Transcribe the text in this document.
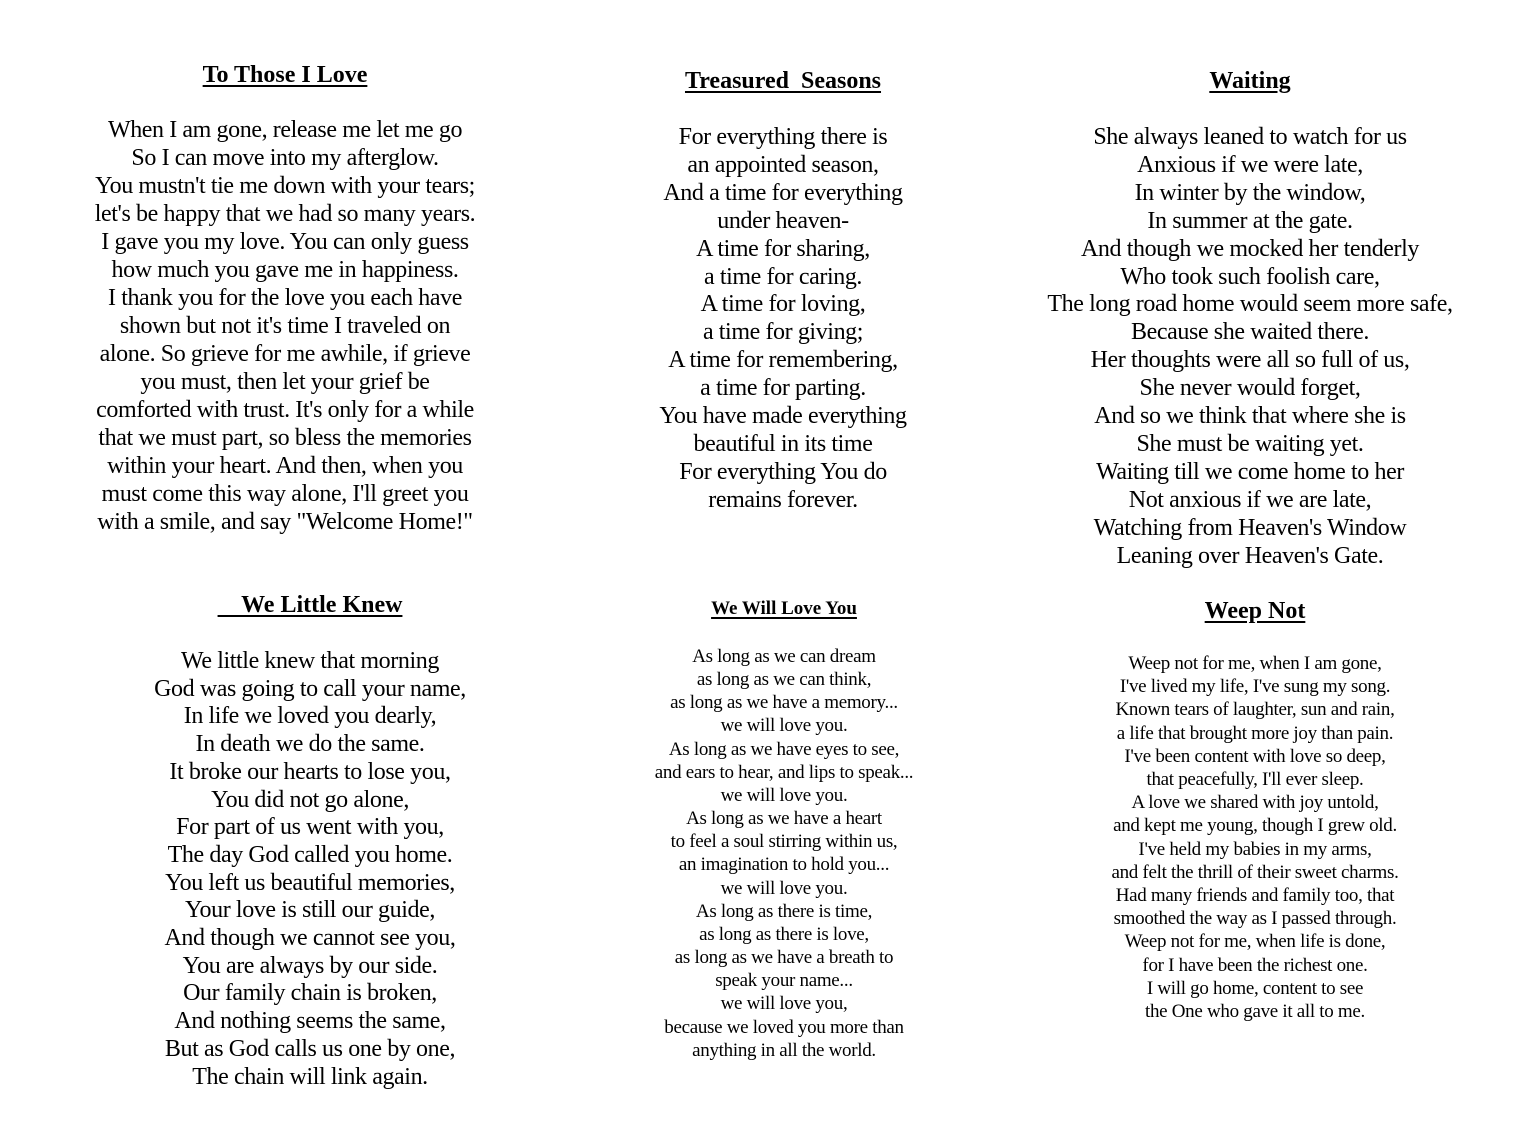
To Those I Love
When I am gone, release me let me go
So I can move into my afterglow.
You mustn't tie me down with your tears;
let's be happy that we had so many years.
I gave you my love. You can only guess
how much you gave me in happiness.
I thank you for the love you each have
shown but not it's time I traveled on
alone. So grieve for me awhile, if grieve
you must, then let your grief be
comforted with trust. It's only for a while
that we must part, so bless the memories
within your heart. And then, when you
must come this way alone, I'll greet you
with a smile, and say "Welcome Home!"
Treasured  Seasons
For everything there is
an appointed season,
And a time for everything
under heaven-
A time for sharing,
a time for caring.
A time for loving,
a time for giving;
A time for remembering,
a time for parting.
You have made everything
beautiful in its time
For everything You do
remains forever.
Waiting
She always leaned to watch for us
Anxious if we were late,
In winter by the window,
In summer at the gate.
And though we mocked her tenderly
Who took such foolish care,
The long road home would seem more safe,
Because she waited there.
Her thoughts were all so full of us,
She never would forget,
And so we think that where she is
She must be waiting yet.
Waiting till we come home to her
Not anxious if we are late,
Watching from Heaven's Window
Leaning over Heaven's Gate.
We Little Knew
We little knew that morning
God was going to call your name,
In life we loved you dearly,
In death we do the same.
It broke our hearts to lose you,
You did not go alone,
For part of us went with you,
The day God called you home.
You left us beautiful memories,
Your love is still our guide,
And though we cannot see you,
You are always by our side.
Our family chain is broken,
And nothing seems the same,
But as God calls us one by one,
The chain will link again.
We Will Love You
As long as we can dream
as long as we can think,
as long as we have a memory...
we will love you.
As long as we have eyes to see,
and ears to hear, and lips to speak...
we will love you.
As long as we have a heart
to feel a soul stirring within us,
an imagination to hold you...
we will love you.
As long as there is time,
as long as there is love,
as long as we have a breath to
speak your name...
we will love you,
because we loved you more than
anything in all the world.
Weep Not
Weep not for me, when I am gone,
I've lived my life, I've sung my song.
Known tears of laughter, sun and rain,
a life that brought more joy than pain.
I've been content with love so deep,
that peacefully, I'll ever sleep.
A love we shared with joy untold,
and kept me young, though I grew old.
I've held my babies in my arms,
and felt the thrill of their sweet charms.
Had many friends and family too, that
smoothed the way as I passed through.
Weep not for me, when life is done,
for I have been the richest one.
I will go home, content to see
the One who gave it all to me.
